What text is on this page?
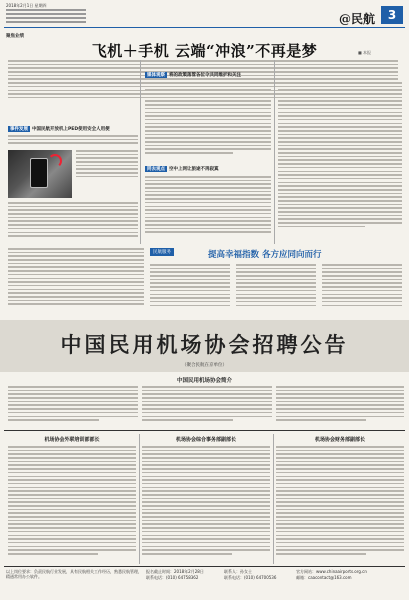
2018年2月1日 星期四
@民航	3
聚焦业绩
飞机＋手机 云端“冲浪”不再是梦	■ 本报
事件发展 中国民航开放机上PED使用安全人用便
媒体观察 将的政策落管各位令共同维护和关注
同去观点 空中上网让旅途不再寂寞
民航服务	提高幸福指数 各方应同向而行
中国民用机场协会招聘公告
（聚合民航在京单位）
中国民用机场协会简介
机场协会外联培训部部长	机场协会综合事务部副部长	机场协会财务部副部长
以上岗位要求：负责民航行业发展，具有民航相关工作经历，熟悉民航管理，精通常用办公软件。
报名截止时间：2018年2月28日
联系电话：(010) 64758362
联系人：孙女士
联系电话：(010) 64700536
官方网站：www.chinaairports.org.cn
邮箱：caacontact@163.com
